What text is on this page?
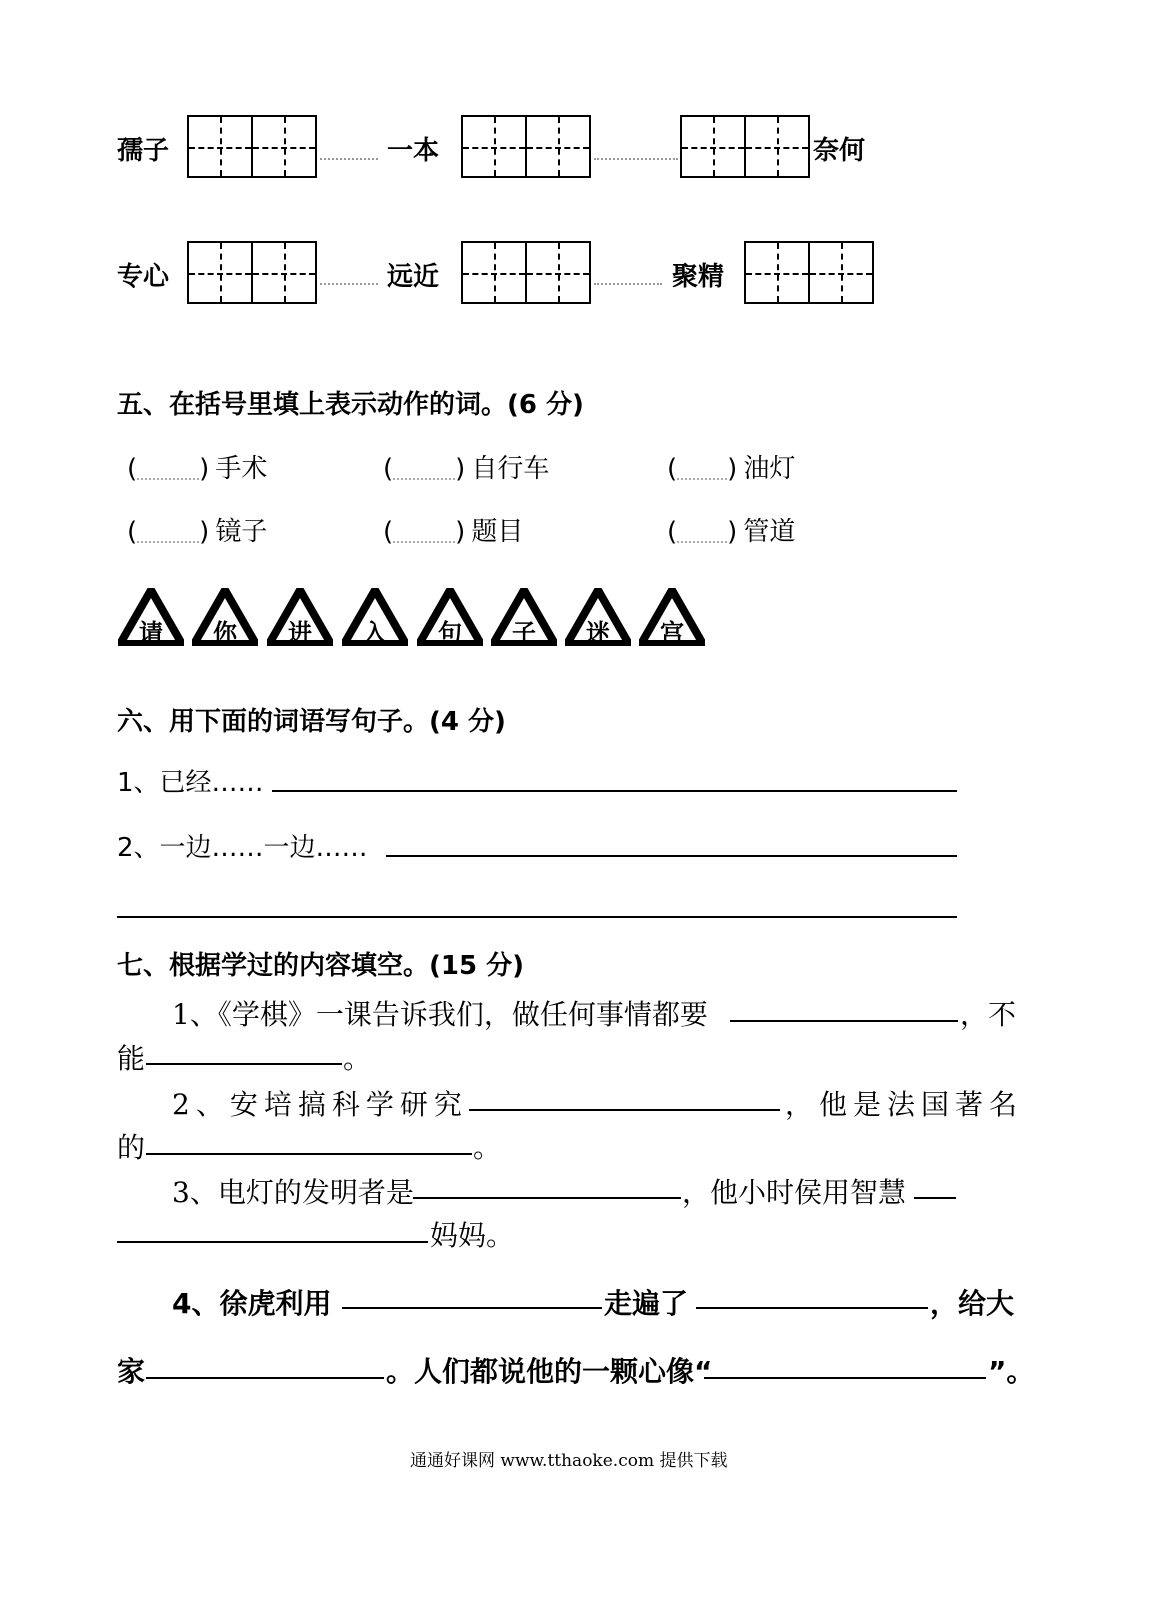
孺子	一本	奈何
专心	远近	聚精
五、在括号里填上表示动作的词。(6 分)
( ) 手术	( ) 自行车	( ) 油灯
( ) 镜子	( ) 题目	( ) 管道
请	你	进	入	句	子	迷	宫
六、用下面的词语写句子。(4 分)
1、已经……
2、一边……一边……
七、根据学过的内容填空。(15 分)
1、《学棋》一课告诉我们，做任何事情都要	，不
能	。
2、安培搞科学研究	，他是法国著名
的	。
3、电灯的发明者是	，他小时侯用智慧
妈妈。
4、徐虎利用	走遍了	，给大
家	。人们都说他的一颗心像“	”。
通通好课网 www.tthaoke.com 提供下载
